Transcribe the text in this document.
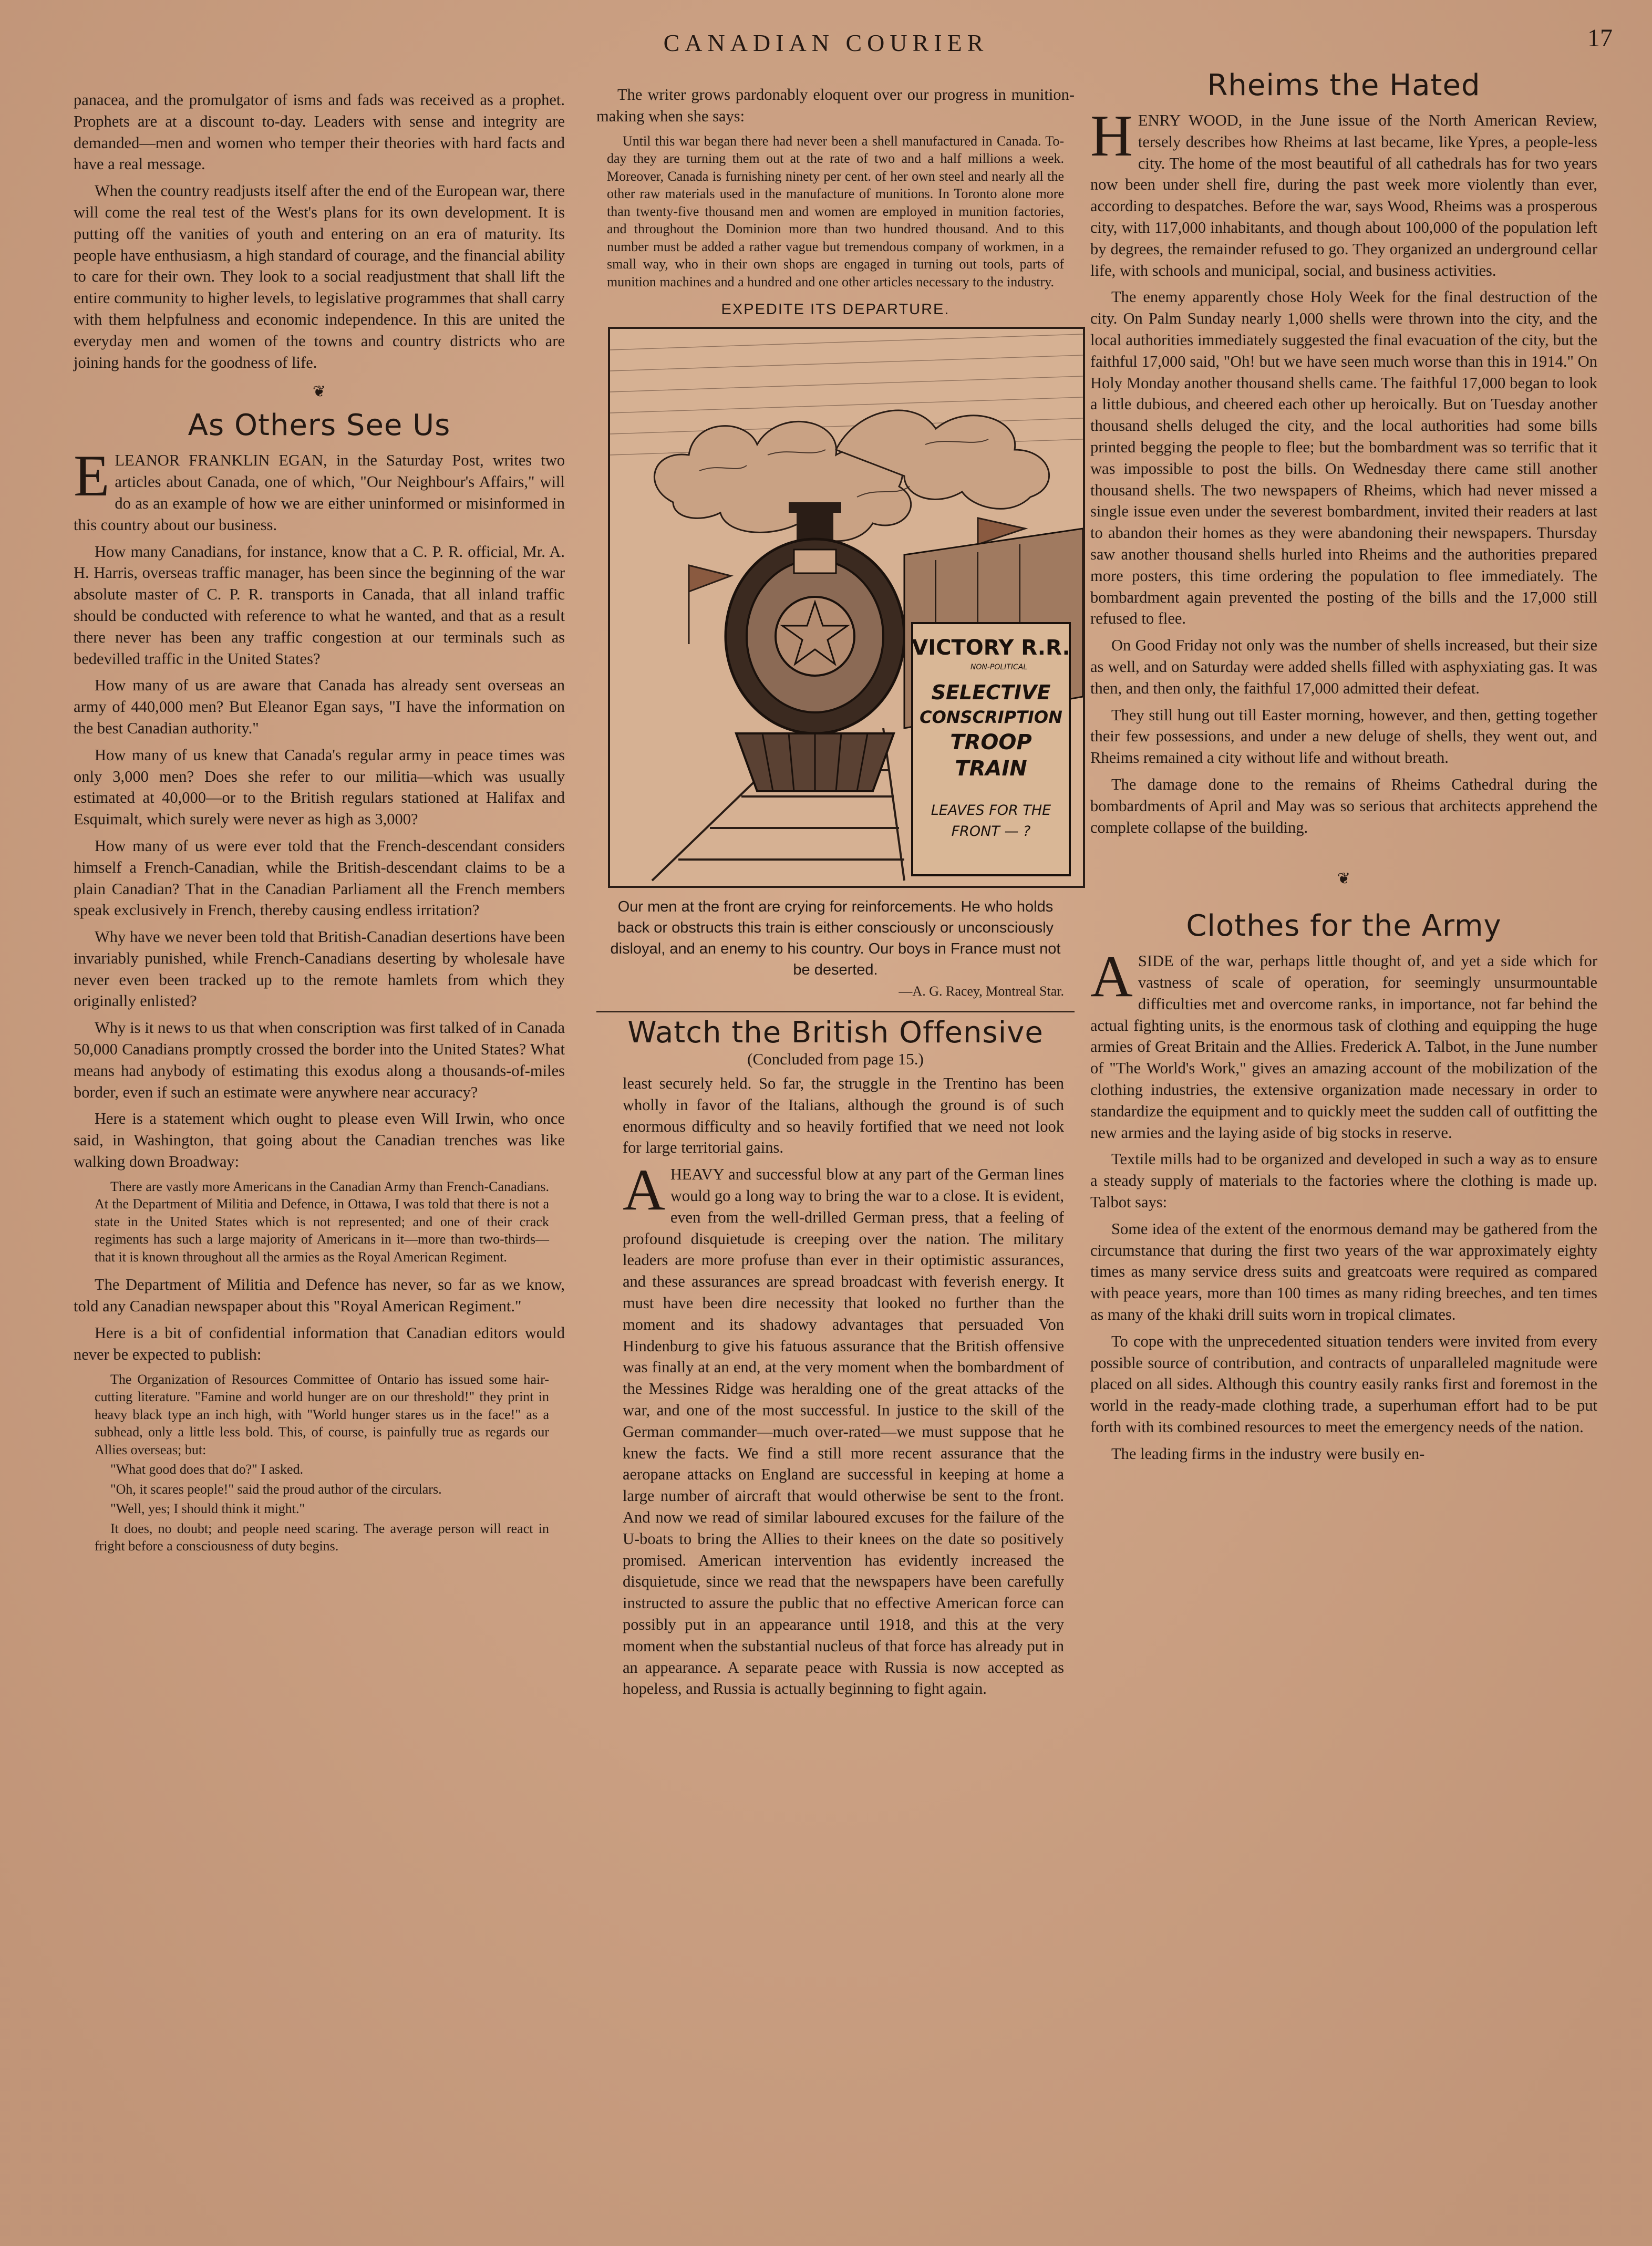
CANADIAN COURIER	17

panacea, and the promulgator of isms and fads was received as a prophet. Prophets are at a discount to-day. Leaders with sense and integrity are demanded—men and women who temper their theories with hard facts and have a real message.

When the country readjusts itself after the end of the European war, there will come the real test of the West's plans for its own development. It is putting off the vanities of youth and entering on an era of maturity. Its people have enthusiasm, a high standard of courage, and the financial ability to care for their own. They look to a social readjustment that shall lift the entire community to higher levels, to legislative programmes that shall carry with them helpfulness and economic independence. In this are united the everyday men and women of the towns and country districts who are joining hands for the goodness of life.

❦
As Others See Us

ELEANOR FRANKLIN EGAN, in the Saturday Post, writes two articles about Canada, one of which, "Our Neighbour's Affairs," will do as an example of how we are either uninformed or misinformed in this country about our business.

How many Canadians, for instance, know that a C. P. R. official, Mr. A. H. Harris, overseas traffic manager, has been since the beginning of the war absolute master of C. P. R. transports in Canada, that all inland traffic should be conducted with reference to what he wanted, and that as a result there never has been any traffic congestion at our terminals such as bedevilled traffic in the United States?

How many of us are aware that Canada has already sent overseas an army of 440,000 men? But Eleanor Egan says, "I have the information on the best Canadian authority."

How many of us knew that Canada's regular army in peace times was only 3,000 men? Does she refer to our militia—which was usually estimated at 40,000—or to the British regulars stationed at Halifax and Esquimalt, which surely were never as high as 3,000?

How many of us were ever told that the French-descendant considers himself a French-Canadian, while the British-descendant claims to be a plain Canadian? That in the Canadian Parliament all the French members speak exclusively in French, thereby causing endless irritation?

Why have we never been told that British-Canadian desertions have been invariably punished, while French-Canadians deserting by wholesale have never even been tracked up to the remote hamlets from which they originally enlisted?

Why is it news to us that when conscription was first talked of in Canada 50,000 Canadians promptly crossed the border into the United States? What means had anybody of estimating this exodus along a thousands-of-miles border, even if such an estimate were anywhere near accuracy?

Here is a statement which ought to please even Will Irwin, who once said, in Washington, that going about the Canadian trenches was like walking down Broadway:

There are vastly more Americans in the Canadian Army than French-Canadians. At the Department of Militia and Defence, in Ottawa, I was told that there is not a state in the United States which is not represented; and one of their crack regiments has such a large majority of Americans in it—more than two-thirds—that it is known throughout all the armies as the Royal American Regiment.

The Department of Militia and Defence has never, so far as we know, told any Canadian newspaper about this "Royal American Regiment."

Here is a bit of confidential information that Canadian editors would never be expected to publish:

The Organization of Resources Committee of Ontario has issued some hair-cutting literature. "Famine and world hunger are on our threshold!" they print in heavy black type an inch high, with "World hunger stares us in the face!" as a subhead, only a little less bold. This, of course, is painfully true as regards our Allies overseas; but:

"What good does that do?" I asked.

"Oh, it scares people!" said the proud author of the circulars.

"Well, yes; I should think it might."

It does, no doubt; and people need scaring. The average person will react in fright before a consciousness of duty begins.

The writer grows pardonably eloquent over our progress in munition-making when she says:

Until this war began there had never been a shell manufactured in Canada. To-day they are turning them out at the rate of two and a half millions a week. Moreover, Canada is furnishing ninety per cent. of her own steel and nearly all the other raw materials used in the manufacture of munitions. In Toronto alone more than twenty-five thousand men and women are employed in munition factories, and throughout the Dominion more than two hundred thousand. And to this number must be added a rather vague but tremendous company of workmen, in a small way, who in their own shops are engaged in turning out tools, parts of munition machines and a hundred and one other articles necessary to the industry.

EXPEDITE ITS DEPARTURE.
VICTORY R.R.
NON-POLITICAL
SELECTIVE
CONSCRIPTION
TROOP
TRAIN
LEAVES FOR THE
FRONT — ?
Our men at the front are crying for reinforcements. He who holds back or obstructs this train is either consciously or unconsciously disloyal, and an enemy to his country. Our boys in France must not be deserted.
—A. G. Racey, Montreal Star.
Watch the British Offensive
(Concluded from page 15.)

least securely held. So far, the struggle in the Trentino has been wholly in favor of the Italians, although the ground is of such enormous difficulty and so heavily fortified that we need not look for large territorial gains.

AHEAVY and successful blow at any part of the German lines would go a long way to bring the war to a close. It is evident, even from the well-drilled German press, that a feeling of profound disquietude is creeping over the nation. The military leaders are more profuse than ever in their optimistic assurances, and these assurances are spread broadcast with feverish energy. It must have been dire necessity that looked no further than the moment and its shadowy advantages that persuaded Von Hindenburg to give his fatuous assurance that the British offensive was finally at an end, at the very moment when the bombardment of the Messines Ridge was heralding one of the great attacks of the war, and one of the most successful. In justice to the skill of the German commander—much over-rated—we must suppose that he knew the facts. We find a still more recent assurance that the aeropane attacks on England are successful in keeping at home a large number of aircraft that would otherwise be sent to the front. And now we read of similar laboured excuses for the failure of the U-boats to bring the Allies to their knees on the date so positively promised. American intervention has evidently increased the disquietude, since we read that the newspapers have been carefully instructed to assure the public that no effective American force can possibly put in an appearance until 1918, and this at the very moment when the substantial nucleus of that force has already put in an appearance. A separate peace with Russia is now accepted as hopeless, and Russia is actually beginning to fight again.

Rheims the Hated

HENRY WOOD, in the June issue of the North American Review, tersely describes how Rheims at last became, like Ypres, a people-less city. The home of the most beautiful of all cathedrals has for two years now been under shell fire, during the past week more violently than ever, according to despatches. Before the war, says Wood, Rheims was a prosperous city, with 117,000 inhabitants, and though about 100,000 of the population left by degrees, the remainder refused to go. They organized an underground cellar life, with schools and municipal, social, and business activities.

The enemy apparently chose Holy Week for the final destruction of the city. On Palm Sunday nearly 1,000 shells were thrown into the city, and the local authorities immediately suggested the final evacuation of the city, but the faithful 17,000 said, "Oh! but we have seen much worse than this in 1914." On Holy Monday another thousand shells came. The faithful 17,000 began to look a little dubious, and cheered each other up heroically. But on Tuesday another thousand shells deluged the city, and the local authorities had some bills printed begging the people to flee; but the bombardment was so terrific that it was impossible to post the bills. On Wednesday there came still another thousand shells. The two newspapers of Rheims, which had never missed a single issue even under the severest bombardment, invited their readers at last to abandon their homes as they were abandoning their newspapers. Thursday saw another thousand shells hurled into Rheims and the authorities prepared more posters, this time ordering the population to flee immediately. The bombardment again prevented the posting of the bills and the 17,000 still refused to flee.

On Good Friday not only was the number of shells increased, but their size as well, and on Saturday were added shells filled with asphyxiating gas. It was then, and then only, the faithful 17,000 admitted their defeat.

They still hung out till Easter morning, however, and then, getting together their few possessions, and under a new deluge of shells, they went out, and Rheims remained a city without life and without breath.

The damage done to the remains of Rheims Cathedral during the bombardments of April and May was so serious that architects apprehend the complete collapse of the building.

❦
Clothes for the Army

ASIDE of the war, perhaps little thought of, and yet a side which for vastness of scale of operation, for seemingly unsurmountable difficulties met and overcome ranks, in importance, not far behind the actual fighting units, is the enormous task of clothing and equipping the huge armies of Great Britain and the Allies. Frederick A. Talbot, in the June number of "The World's Work," gives an amazing account of the mobilization of the clothing industries, the extensive organization made necessary in order to standardize the equipment and to quickly meet the sudden call of outfitting the new armies and the laying aside of big stocks in reserve.

Textile mills had to be organized and developed in such a way as to ensure a steady supply of materials to the factories where the clothing is made up. Talbot says:

Some idea of the extent of the enormous demand may be gathered from the circumstance that during the first two years of the war approximately eighty times as many service dress suits and greatcoats were required as compared with peace years, more than 100 times as many riding breeches, and ten times as many of the khaki drill suits worn in tropical climates.

To cope with the unprecedented situation tenders were invited from every possible source of contribution, and contracts of unparalleled magnitude were placed on all sides. Although this country easily ranks first and foremost in the world in the ready-made clothing trade, a superhuman effort had to be put forth with its combined resources to meet the emergency needs of the nation.

The leading firms in the industry were busily en-
